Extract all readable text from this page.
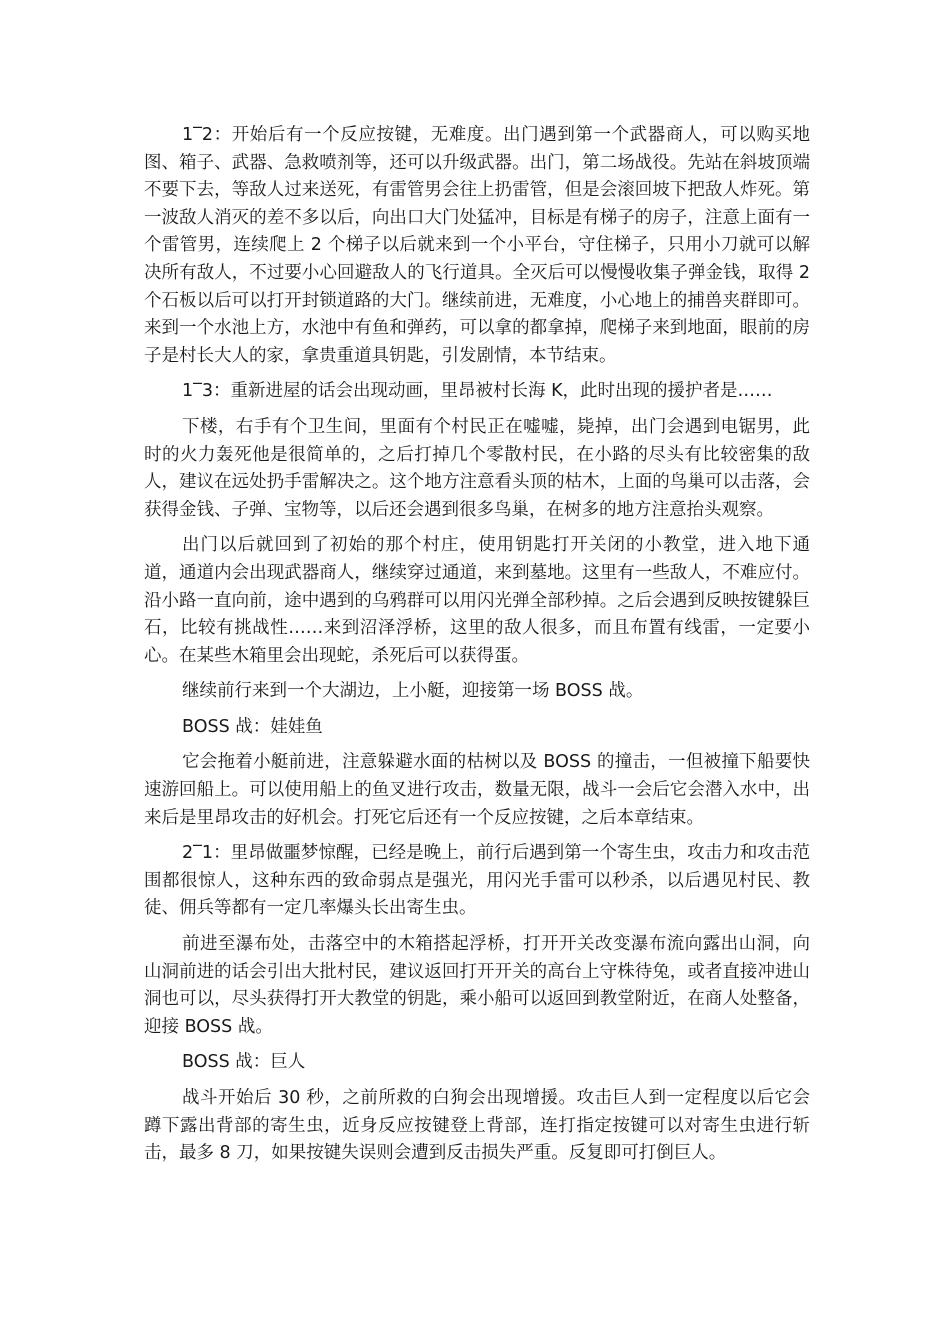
1‾2：开始后有一个反应按键，无难度。出门遇到第一个武器商人，可以购买地图、箱子、武器、急救喷剂等，还可以升级武器。出门，第二场战役。先站在斜坡顶端不要下去，等敌人过来送死，有雷管男会往上扔雷管，但是会滚回坡下把敌人炸死。第一波敌人消灭的差不多以后，向出口大门处猛冲，目标是有梯子的房子，注意上面有一个雷管男，连续爬上 2 个梯子以后就来到一个小平台，守住梯子，只用小刀就可以解决所有敌人，不过要小心回避敌人的飞行道具。全灭后可以慢慢收集子弹金钱，取得 2 个石板以后可以打开封锁道路的大门。继续前进，无难度，小心地上的捕兽夹群即可。来到一个水池上方，水池中有鱼和弹药，可以拿的都拿掉，爬梯子来到地面，眼前的房子是村长大人的家，拿贵重道具钥匙，引发剧情，本节结束。

1‾3：重新进屋的话会出现动画，里昂被村长海 K，此时出现的援护者是……

下楼，右手有个卫生间，里面有个村民正在嘘嘘，毙掉，出门会遇到电锯男，此时的火力轰死他是很简单的，之后打掉几个零散村民，在小路的尽头有比较密集的敌人，建议在远处扔手雷解决之。这个地方注意看头顶的枯木，上面的鸟巢可以击落，会获得金钱、子弹、宝物等，以后还会遇到很多鸟巢，在树多的地方注意抬头观察。

出门以后就回到了初始的那个村庄，使用钥匙打开关闭的小教堂，进入地下通道，通道内会出现武器商人，继续穿过通道，来到墓地。这里有一些敌人，不难应付。沿小路一直向前，途中遇到的乌鸦群可以用闪光弹全部秒掉。之后会遇到反映按键躲巨石，比较有挑战性……来到沼泽浮桥，这里的敌人很多，而且布置有线雷，一定要小心。在某些木箱里会出现蛇，杀死后可以获得蛋。

继续前行来到一个大湖边，上小艇，迎接第一场 BOSS 战。

BOSS 战：娃娃鱼

它会拖着小艇前进，注意躲避水面的枯树以及 BOSS 的撞击，一但被撞下船要快速游回船上。可以使用船上的鱼叉进行攻击，数量无限，战斗一会后它会潜入水中，出来后是里昂攻击的好机会。打死它后还有一个反应按键，之后本章结束。

2‾1：里昂做噩梦惊醒，已经是晚上，前行后遇到第一个寄生虫，攻击力和攻击范围都很惊人，这种东西的致命弱点是强光，用闪光手雷可以秒杀，以后遇见村民、教徒、佣兵等都有一定几率爆头长出寄生虫。

前进至瀑布处，击落空中的木箱搭起浮桥，打开开关改变瀑布流向露出山洞，向山洞前进的话会引出大批村民，建议返回打开开关的高台上守株待兔，或者直接冲进山洞也可以，尽头获得打开大教堂的钥匙，乘小船可以返回到教堂附近，在商人处整备，迎接 BOSS 战。

BOSS 战：巨人

战斗开始后 30 秒，之前所救的白狗会出现增援。攻击巨人到一定程度以后它会蹲下露出背部的寄生虫，近身反应按键登上背部，连打指定按键可以对寄生虫进行斩击，最多 8 刀，如果按键失误则会遭到反击损失严重。反复即可打倒巨人。
